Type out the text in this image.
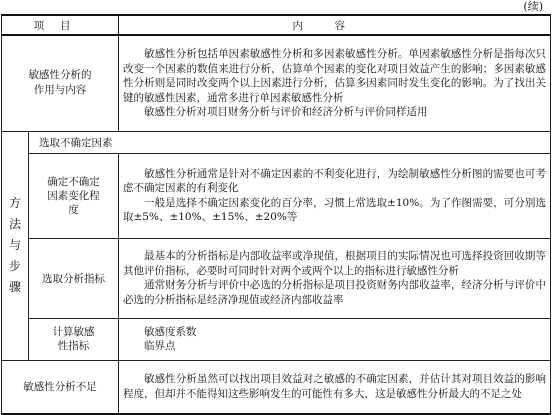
(续)
项目		内容
敏感性分析的作用与内容		敏感性分析包括单因素敏感性分析和多因素敏感性分析。单因素敏感性分析是指每次只改变一个因素的数值来进行分析，估算单个因素的变化对项目效益产生的影响；多因素敏感性分析则是同时改变两个以上因素进行分析，估算多因素同时发生变化的影响。为了找出关键的敏感性因素，通常多进行单因素敏感性分析

敏感性分析对项目财务分析与评价和经济分析与评价同样适用

方法与步骤	选取不确定因素	
	确定不确定因素变化程度	敏感性分析通常是针对不确定因素的不利变化进行，为绘制敏感性分析图的需要也可考虑不确定因素的有利变化

一般是选择不确定因素变化的百分率，习惯上常选取±10%。为了作图需要，可分别选取±5%、±10%、±15%、±20%等

	选取分析指标	最基本的分析指标是内部收益率或净现值，根据项目的实际情况也可选择投资回收期等其他评价指标，必要时可同时针对两个或两个以上的指标进行敏感性分析

通常财务分析与评价中必选的分析指标是项目投资财务内部收益率，经济分析与评价中必选的分析指标是经济净现值或经济内部收益率

	计算敏感性指标	敏感度系数

临界点

敏感性分析不足		敏感性分析虽然可以找出项目效益对之敏感的不确定因素，并估计其对项目效益的影响程度，但却并不能得知这些影响发生的可能性有多大，这是敏感性分析最大的不足之处
